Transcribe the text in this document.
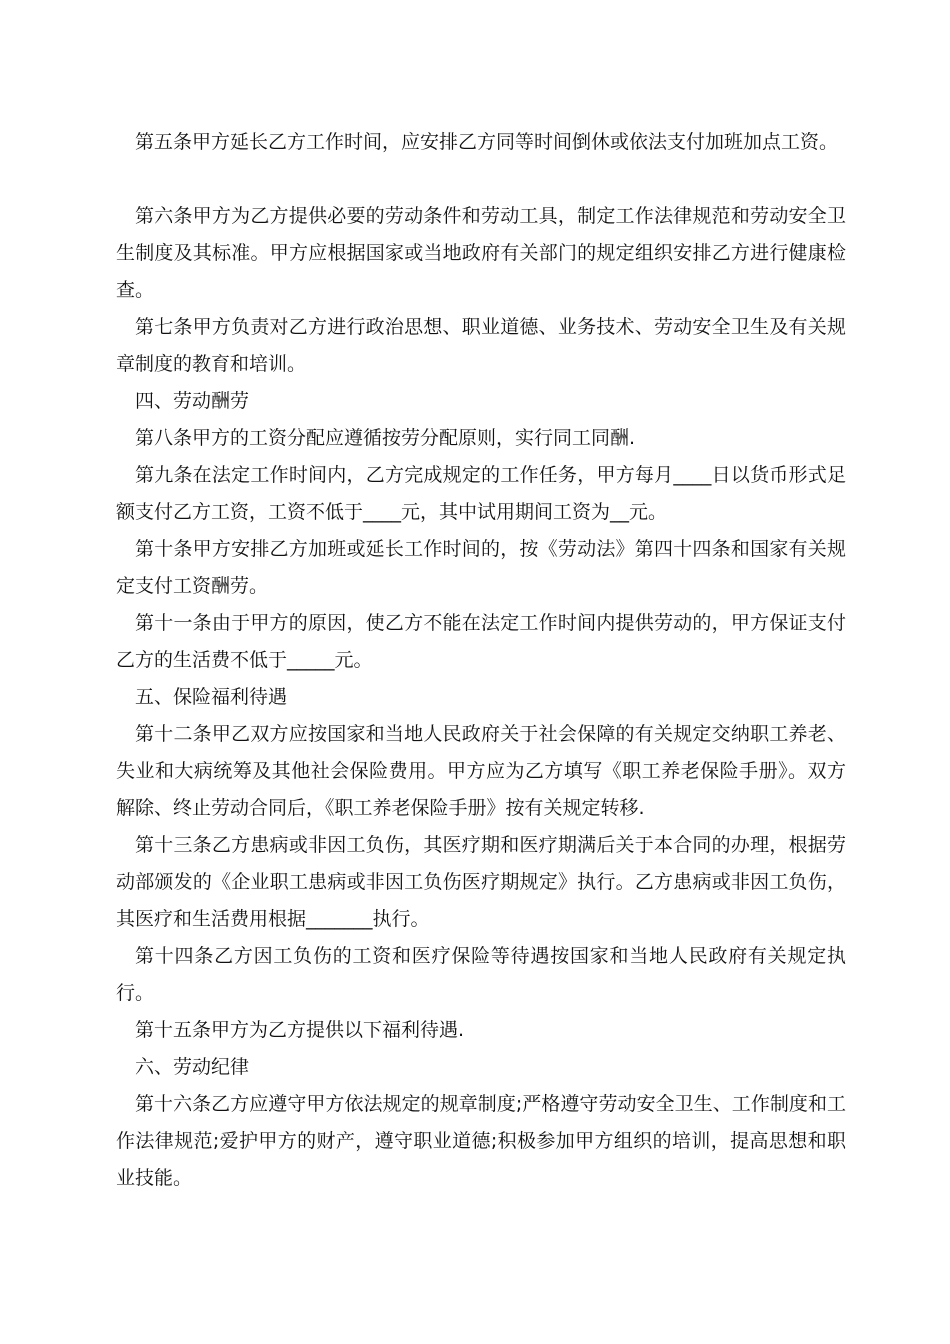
第五条甲方延长乙方工作时间，应安排乙方同等时间倒休或依法支付加班加点工资。

第六条甲方为乙方提供必要的劳动条件和劳动工具，制定工作法律规范和劳动安全卫生制度及其标准。甲方应根据国家或当地政府有关部门的规定组织安排乙方进行健康检查。

第七条甲方负责对乙方进行政治思想、职业道德、业务技术、劳动安全卫生及有关规章制度的教育和培训。

四、劳动酬劳

第八条甲方的工资分配应遵循按劳分配原则，实行同工同酬.

第九条在法定工作时间内，乙方完成规定的工作任务，甲方每月____日以货币形式足额支付乙方工资，工资不低于____元，其中试用期间工资为__元。

第十条甲方安排乙方加班或延长工作时间的，按《劳动法》第四十四条和国家有关规定支付工资酬劳。

第十一条由于甲方的原因，使乙方不能在法定工作时间内提供劳动的，甲方保证支付乙方的生活费不低于_____元。

五、保险福利待遇

第十二条甲乙双方应按国家和当地人民政府关于社会保障的有关规定交纳职工养老、失业和大病统筹及其他社会保险费用。甲方应为乙方填写《职工养老保险手册》。双方解除、终止劳动合同后，《职工养老保险手册》按有关规定转移.

第十三条乙方患病或非因工负伤，其医疗期和医疗期满后关于本合同的办理，根据劳动部颁发的《企业职工患病或非因工负伤医疗期规定》执行。乙方患病或非因工负伤，其医疗和生活费用根据_______执行。

第十四条乙方因工负伤的工资和医疗保险等待遇按国家和当地人民政府有关规定执行。

第十五条甲方为乙方提供以下福利待遇.

六、劳动纪律

第十六条乙方应遵守甲方依法规定的规章制度;严格遵守劳动安全卫生、工作制度和工作法律规范;爱护甲方的财产，遵守职业道德;积极参加甲方组织的培训，提高思想和职业技能。
